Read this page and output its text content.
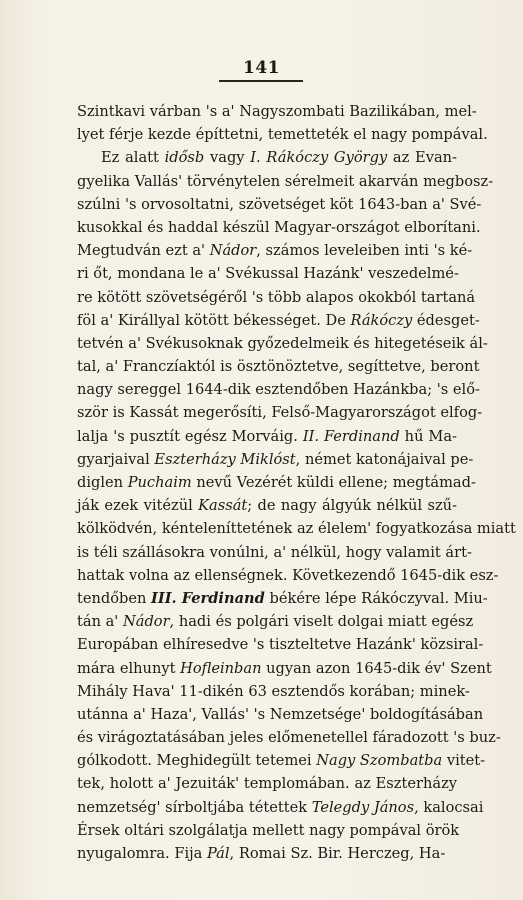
141
Szintkavi várban 's a' Nagyszombati Bazilikában, mel-
lyet férje kezde építtetni, temetteték el nagy pompával.
Ez alatt idősb vagy I. Rákóczy György az Evan-
gyelika Vallás' törvénytelen sérelmeit akarván megbosz-
szúlni 's orvosoltatni, szövetséget köt 1643-ban a' Své-
kusokkal és haddal készül Magyar-országot elborítani.
Megtudván ezt a' Nádor, számos leveleiben inti 's ké-
ri őt, mondana le a' Svékussal Hazánk' veszedelmé-
re kötött szövetségéről 's több alapos okokból tartaná
föl a' Királlyal kötött békességet. De Rákóczy édesget-
tetvén a' Svékusoknak győzedelmeik és hitegetéseik ál-
tal, a' Franczíaktól is ösztönöztetve, segíttetve, beront
nagy sereggel 1644-dik esztendőben Hazánkba; 's elő-
ször is Kassát megerősíti, Felső-Magyarországot elfog-
lalja 's pusztít egész Morváig. II. Ferdinand hű Ma-
gyarjaival Eszterházy Miklóst, német katonájaival pe-
diglen Puchaim nevű Vezérét küldi ellene; megtámad-
ják ezek vitézül Kassát; de nagy álgyúk nélkül szű-
kölködvén, kénteleníttetének az élelem' fogyatkozása miatt
is téli szállásokra vonúlni, a' nélkül, hogy valamit árt-
hattak volna az ellenségnek. Következendő 1645-dik esz-
tendőben III. Ferdinand békére lépe Rákóczyval. Miu-
tán a' Nádor, hadi és polgári viselt dolgai miatt egész
Europában elhíresedve 's tiszteltetve Hazánk' közsiral-
mára elhunyt Hofleinban ugyan azon 1645-dik év' Szent
Mihály Hava' 11-dikén 63 esztendős korában; minek-
utánna a' Haza', Vallás' 's Nemzetsége' boldogításában
és virágoztatásában jeles előmenetellel fáradozott 's buz-
gólkodott. Meghidegült tetemei Nagy Szombatba vitet-
tek, holott a' Jezuiták' templomában. az Eszterházy
nemzetség' sírboltjába tétettek Telegdy János, kalocsai
Érsek oltári szolgálatja mellett nagy pompával örök
nyugalomra. Fija Pál, Romai Sz. Bir. Herczeg, Ha-
